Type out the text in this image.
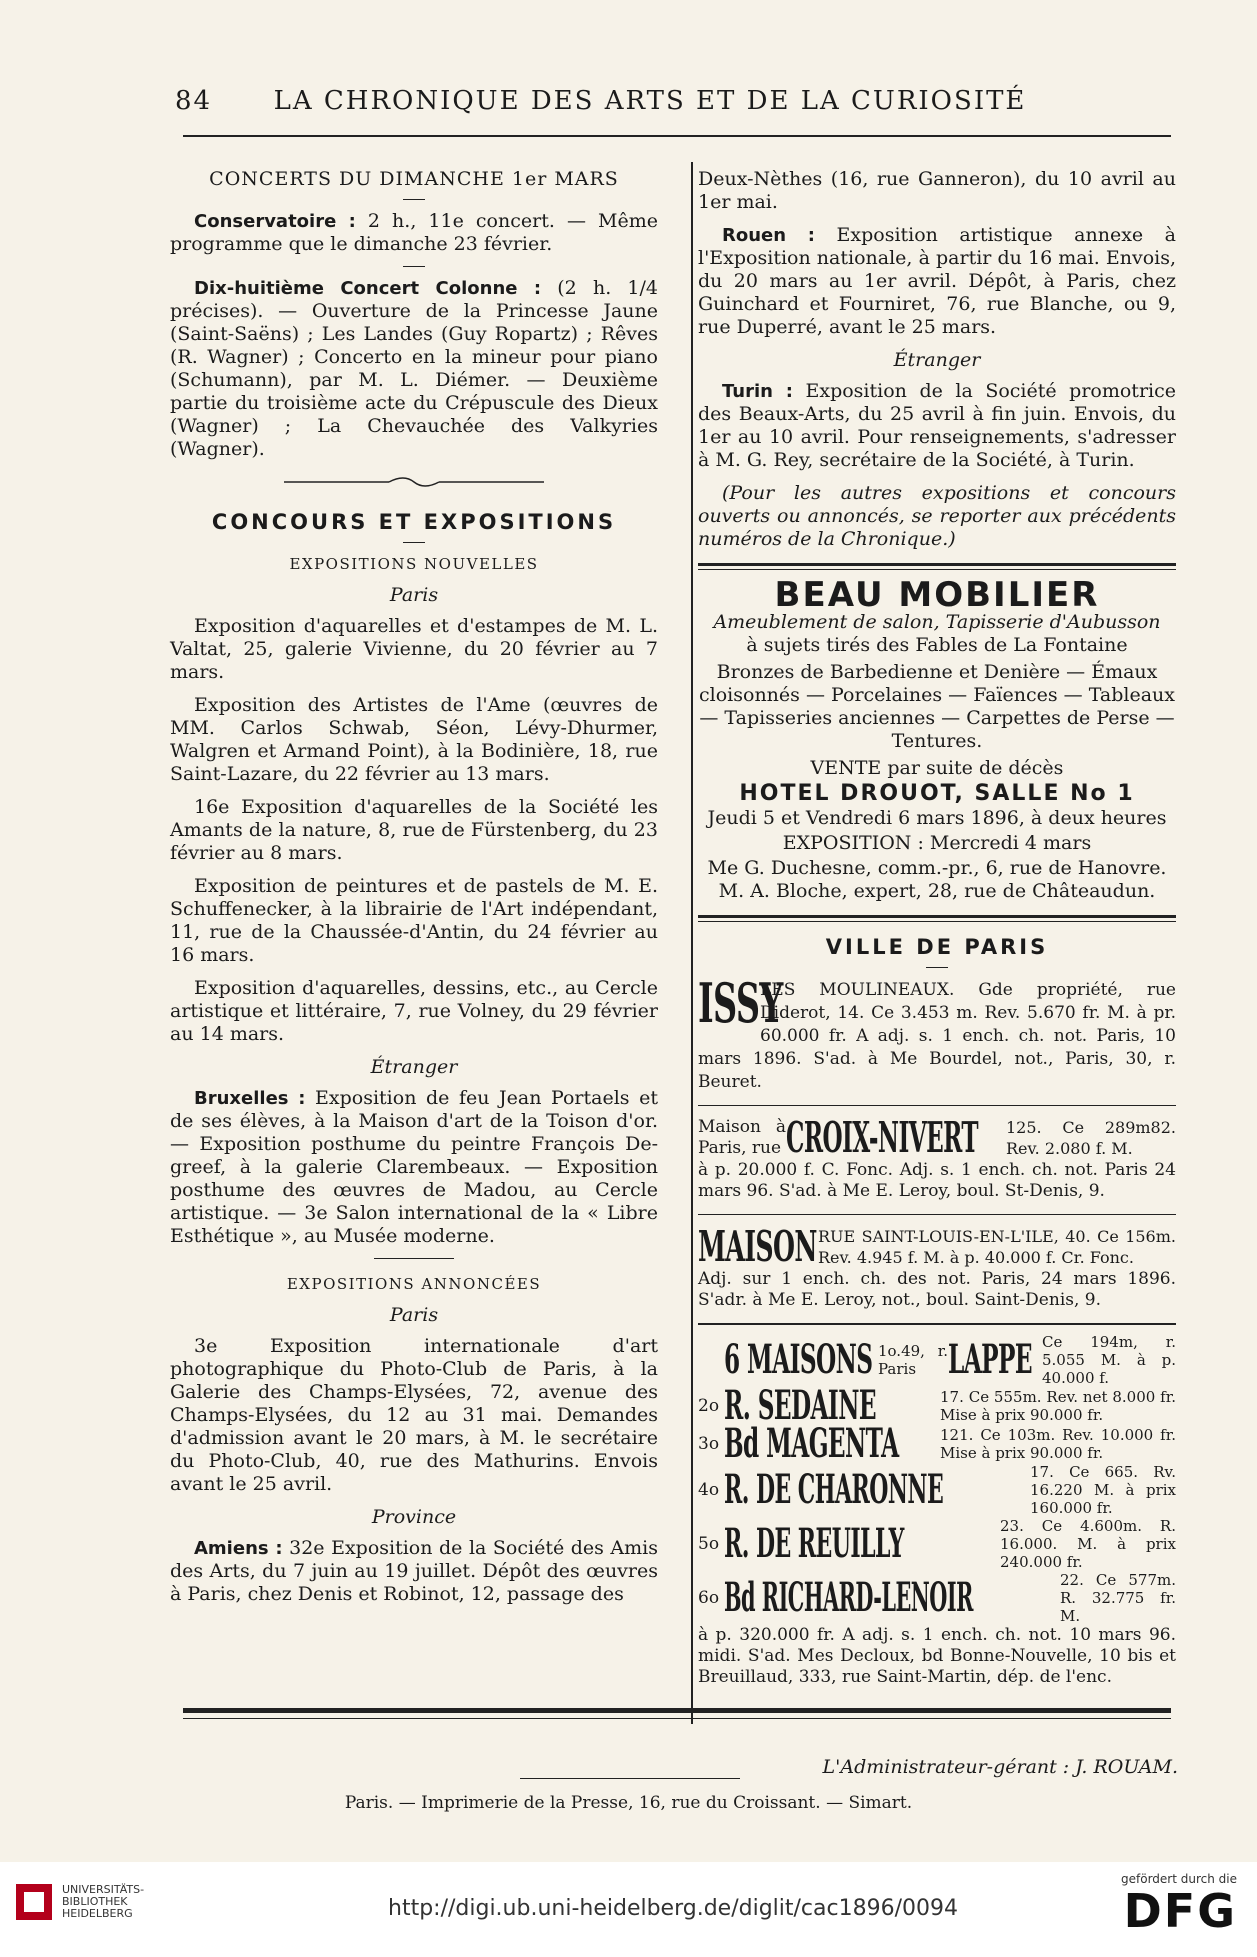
84	LA CHRONIQUE DES ARTS ET DE LA CURIOSITÉ

CONCERTS DU DIMANCHE 1er MARS

Conservatoire : 2 h., 11e concert. — Même programme que le dimanche 23 février.

Dix-huitième Concert Colonne : (2 h. 1/4 précises). — Ouverture de la Princesse Jaune (Saint-Saëns) ; Les Landes (Guy Ropartz) ; Rêves (R. Wagner) ; Concerto en la mineur pour piano (Schumann), par M. L. Diémer. — Deuxième partie du troisième acte du Crépuscule des Dieux (Wagner) ; La Chevauchée des Valkyries (Wagner).

CONCOURS ET EXPOSITIONS
EXPOSITIONS NOUVELLES
Paris

Exposition d'aquarelles et d'estampes de M. L. Valtat, 25, galerie Vivienne, du 20 février au 7 mars.

Exposition des Artistes de l'Ame (œuvres de MM. Carlos Schwab, Séon, Lévy-Dhurmer, Walgren et Armand Point), à la Bodinière, 18, rue Saint-Lazare, du 22 février au 13 mars.

16e Exposition d'aquarelles de la Société les Amants de la nature, 8, rue de Fürstenberg, du 23 février au 8 mars.

Exposition de peintures et de pastels de M. E. Schuffenecker, à la librairie de l'Art indépendant, 11, rue de la Chaussée-d'Antin, du 24 février au 16 mars.

Exposition d'aquarelles, dessins, etc., au Cercle artistique et littéraire, 7, rue Volney, du 29 février au 14 mars.

Étranger

Bruxelles : Exposition de feu Jean Portaels et de ses élèves, à la Maison d'art de la Toison d'or. — Exposition posthume du peintre François De-greef, à la galerie Clarembeaux. — Exposition posthume des œuvres de Madou, au Cercle artistique. — 3e Salon international de la « Libre Esthétique », au Musée moderne.

EXPOSITIONS ANNONCÉES
Paris

3e Exposition internationale d'art photographique du Photo-Club de Paris, à la Galerie des Champs-Elysées, 72, avenue des Champs-Elysées, du 12 au 31 mai. Demandes d'admission avant le 20 mars, à M. le secrétaire du Photo-Club, 40, rue des Mathurins. Envois avant le 25 avril.

Province

Amiens : 32e Exposition de la Société des Amis des Arts, du 7 juin au 19 juillet. Dépôt des œuvres à Paris, chez Denis et Robinot, 12, passage des

Deux-Nèthes (16, rue Ganneron), du 10 avril au 1er mai.

Rouen : Exposition artistique annexe à l'Exposition nationale, à partir du 16 mai. Envois, du 20 mars au 1er avril. Dépôt, à Paris, chez Guinchard et Fourniret, 76, rue Blanche, ou 9, rue Duperré, avant le 25 mars.

Étranger

Turin : Exposition de la Société promotrice des Beaux-Arts, du 25 avril à fin juin. Envois, du 1er au 10 avril. Pour renseignements, s'adresser à M. G. Rey, secrétaire de la Société, à Turin.

(Pour les autres expositions et concours ouverts ou annoncés, se reporter aux précédents numéros de la Chronique.)

BEAU MOBILIER
Ameublement de salon, Tapisserie d'Aubusson

à sujets tirés des Fables de La Fontaine

Bronzes de Barbedienne et Denière — Émaux cloisonnés — Porcelaines — Faïences — Tableaux — Tapisseries anciennes — Carpettes de Perse — Tentures.

VENTE par suite de décès

HOTEL DROUOT, SALLE No 1

Jeudi 5 et Vendredi 6 mars 1896, à deux heures

EXPOSITION : Mercredi 4 mars

Me G. Duchesne, comm.-pr., 6, rue de Hanovre.

M. A. Bloche, expert, 28, rue de Châteaudun.

VILLE DE PARIS
ISSY
LES MOULINEAUX. Gde propriété, rue Diderot, 14. Ce 3.453 m. Rev. 5.670 fr. M. à pr. 60.000 fr. A adj. s. 1 ench. ch. not. Paris, 10 mars 1896. S'ad. à Me Bourdel, not., Paris, 30, r. Beuret.
Maison à Paris, rue CROIX-NIVERT	125. Ce 289m82. Rev. 2.080 f. M.
à p. 20.000 f. C. Fonc. Adj. s. 1 ench. ch. not. Paris 24 mars 96. S'ad. à Me E. Leroy, boul. St-Denis, 9.
MAISON RUE SAINT-LOUIS-EN-L'ILE, 40. Ce 156m. Rev. 4.945 f. M. à p. 40.000 f. Cr. Fonc.
Adj. sur 1 ench. ch. des not. Paris, 24 mars 1896. S'adr. à Me E. Leroy, not., boul. Saint-Denis, 9.
6 MAISONS 1o.49, r. Paris LAPPE Ce 194m, r. 5.055 M. à p. 40.000 f.
2o R. SEDAINE	17. Ce 555m. Rev. net 8.000 fr. Mise à prix 90.000 fr.
3o Bd MAGENTA	121. Ce 103m. Rev. 10.000 fr. Mise à prix 90.000 fr.
4o R. DE CHARONNE	17. Ce 665. Rv. 16.220 M. à prix 160.000 fr.
5o R. DE REUILLY	23. Ce 4.600m. R. 16.000. M. à prix 240.000 fr.
6o Bd RICHARD-LENOIR	22. Ce 577m. R. 32.775 fr. M.
à p. 320.000 fr. A adj. s. 1 ench. ch. not. 10 mars 96. midi. S'ad. Mes Decloux, bd Bonne-Nouvelle, 10 bis et Breuillaud, 333, rue Saint-Martin, dép. de l'enc.
L'Administrateur-gérant : J. ROUAM.
Paris. — Imprimerie de la Presse, 16, rue du Croissant. — Simart.
UNIVERSITÄTS-
BIBLIOTHEK
HEIDELBERG	http://digi.ub.uni-heidelberg.de/diglit/cac1896/0094
gefördert durch die
DFG
